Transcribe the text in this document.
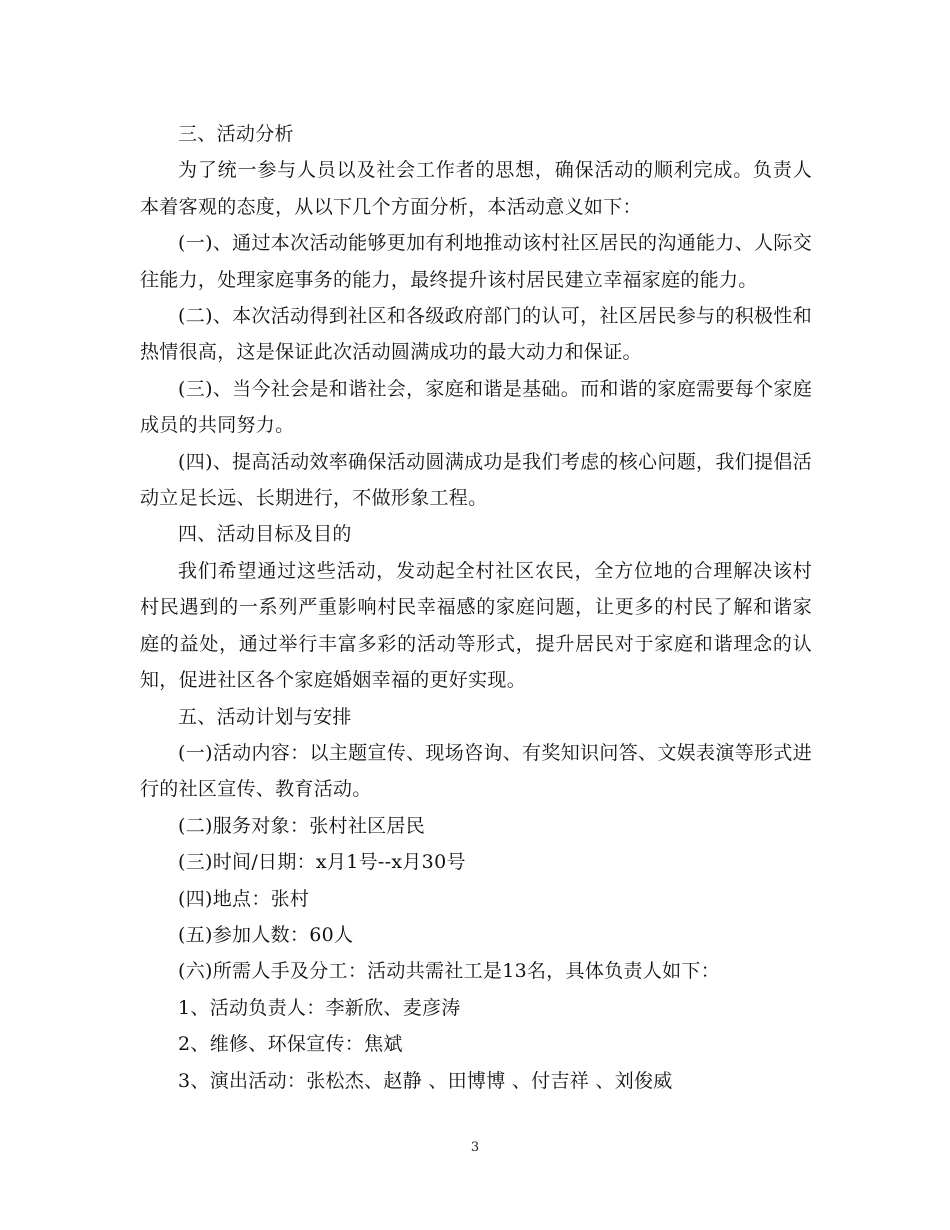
三、活动分析

为了统一参与人员以及社会工作者的思想，确保活动的顺利完成。负责人本着客观的态度，从以下几个方面分析，本活动意义如下：

(一)、通过本次活动能够更加有利地推动该村社区居民的沟通能力、人际交往能力，处理家庭事务的能力，最终提升该村居民建立幸福家庭的能力。

(二)、本次活动得到社区和各级政府部门的认可，社区居民参与的积极性和热情很高，这是保证此次活动圆满成功的最大动力和保证。

(三)、当今社会是和谐社会，家庭和谐是基础。而和谐的家庭需要每个家庭成员的共同努力。

(四)、提高活动效率确保活动圆满成功是我们考虑的核心问题，我们提倡活动立足长远、长期进行，不做形象工程。

四、活动目标及目的

我们希望通过这些活动，发动起全村社区农民，全方位地的合理解决该村村民遇到的一系列严重影响村民幸福感的家庭问题，让更多的村民了解和谐家庭的益处，通过举行丰富多彩的活动等形式，提升居民对于家庭和谐理念的认知，促进社区各个家庭婚姻幸福的更好实现。

五、活动计划与安排

(一)活动内容：以主题宣传、现场咨询、有奖知识问答、文娱表演等形式进行的社区宣传、教育活动。

(二)服务对象：张村社区居民

(三)时间/日期：x月1号--x月30号

(四)地点：张村

(五)参加人数：60人

(六)所需人手及分工：活动共需社工是13名，具体负责人如下：

1、活动负责人：李新欣、麦彦涛

2、维修、环保宣传：焦斌

3、演出活动：张松杰、赵静 、田博博 、付吉祥 、刘俊威

3
